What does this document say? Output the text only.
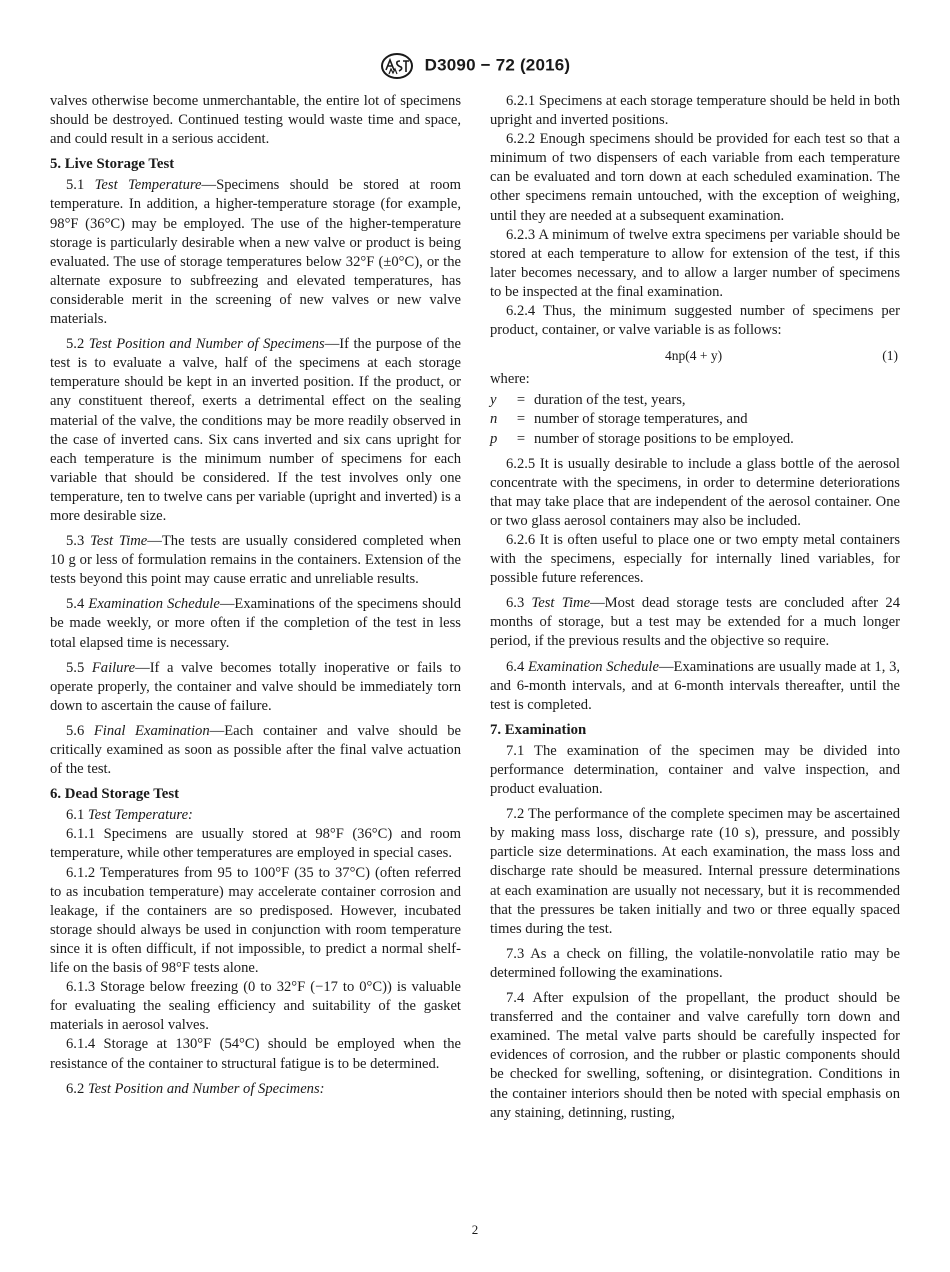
D3090 − 72 (2016)

valves otherwise become unmerchantable, the entire lot of specimens should be destroyed. Continued testing would waste time and space, and could result in a serious accident.

5. Live Storage Test

5.1 Test Temperature—Specimens should be stored at room temperature. In addition, a higher-temperature storage (for example, 98°F (36°C) may be employed. The use of the higher-temperature storage is particularly desirable when a new valve or product is being evaluated. The use of storage temperatures below 32°F (±0°C), or the alternate exposure to subfreezing and elevated temperatures, has considerable merit in the screening of new valves or new valve materials.

5.2 Test Position and Number of Specimens—If the purpose of the test is to evaluate a valve, half of the specimens at each storage temperature should be kept in an inverted position. If the product, or any constituent thereof, exerts a detrimental effect on the sealing material of the valve, the conditions may be more readily observed in the case of inverted cans. Six cans inverted and six cans upright for each temperature is the minimum number of specimens for each variable that should be considered. If the test involves only one temperature, ten to twelve cans per variable (upright and inverted) is a more desirable size.

5.3 Test Time—The tests are usually considered completed when 10 g or less of formulation remains in the containers. Extension of the tests beyond this point may cause erratic and unreliable results.

5.4 Examination Schedule—Examinations of the specimens should be made weekly, or more often if the completion of the test in less total elapsed time is necessary.

5.5 Failure—If a valve becomes totally inoperative or fails to operate properly, the container and valve should be immediately torn down to ascertain the cause of failure.

5.6 Final Examination—Each container and valve should be critically examined as soon as possible after the final valve actuation of the test.

6. Dead Storage Test

6.1 Test Temperature:

6.1.1 Specimens are usually stored at 98°F (36°C) and room temperature, while other temperatures are employed in special cases.

6.1.2 Temperatures from 95 to 100°F (35 to 37°C) (often referred to as incubation temperature) may accelerate container corrosion and leakage, if the containers are so predisposed. However, incubated storage should always be used in conjunction with room temperature since it is often difficult, if not impossible, to predict a normal shelf-life on the basis of 98°F tests alone.

6.1.3 Storage below freezing (0 to 32°F (−17 to 0°C)) is valuable for evaluating the sealing efficiency and suitability of the gasket materials in aerosol valves.

6.1.4 Storage at 130°F (54°C) should be employed when the resistance of the container to structural fatigue is to be determined.

6.2 Test Position and Number of Specimens:

6.2.1 Specimens at each storage temperature should be held in both upright and inverted positions.

6.2.2 Enough specimens should be provided for each test so that a minimum of two dispensers of each variable from each temperature can be evaluated and torn down at each scheduled examination. The other specimens remain untouched, with the exception of weighing, until they are needed at a subsequent examination.

6.2.3 A minimum of twelve extra specimens per variable should be stored at each temperature to allow for extension of the test, if this later becomes necessary, and to allow a larger number of specimens to be inspected at the final examination.

6.2.4 Thus, the minimum suggested number of specimens per product, container, or valve variable is as follows:

4np(4 + y)	(1)

where:

y	= duration of the test, years,
n	= number of storage temperatures, and
p	= number of storage positions to be employed.

6.2.5 It is usually desirable to include a glass bottle of the aerosol concentrate with the specimens, in order to determine deteriorations that may take place that are independent of the aerosol container. One or two glass aerosol containers may also be included.

6.2.6 It is often useful to place one or two empty metal containers with the specimens, especially for internally lined variables, for possible future references.

6.3 Test Time—Most dead storage tests are concluded after 24 months of storage, but a test may be extended for a much longer period, if the previous results and the objective so require.

6.4 Examination Schedule—Examinations are usually made at 1, 3, and 6-month intervals, and at 6-month intervals thereafter, until the test is completed.

7. Examination

7.1 The examination of the specimen may be divided into performance determination, container and valve inspection, and product evaluation.

7.2 The performance of the complete specimen may be ascertained by making mass loss, discharge rate (10 s), pressure, and possibly particle size determinations. At each examination, the mass loss and discharge rate should be measured. Internal pressure determinations at each examination are usually not necessary, but it is recommended that the pressures be taken initially and two or three equally spaced times during the test.

7.3 As a check on filling, the volatile-nonvolatile ratio may be determined following the examinations.

7.4 After expulsion of the propellant, the product should be transferred and the container and valve carefully torn down and examined. The metal valve parts should be carefully inspected for evidences of corrosion, and the rubber or plastic components should be checked for swelling, softening, or disintegration. Conditions in the container interiors should then be noted with special emphasis on any staining, detinning, rusting,

2
